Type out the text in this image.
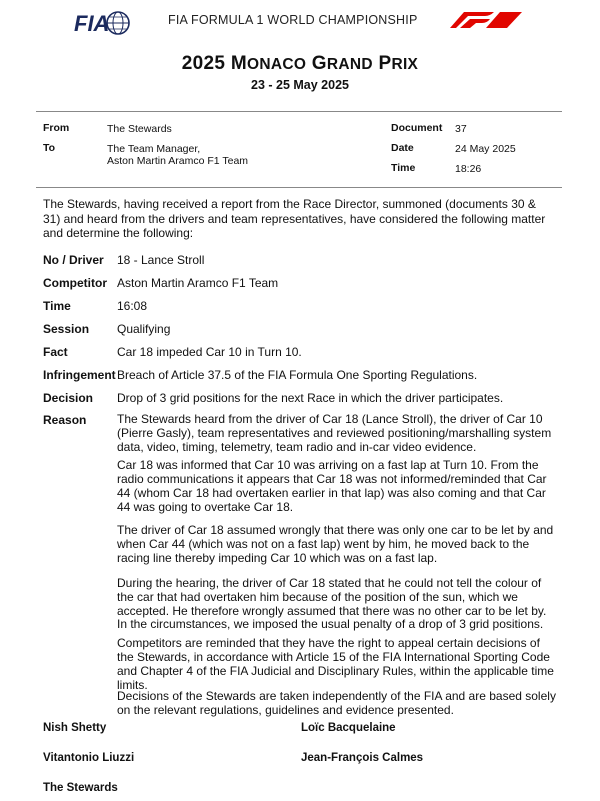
FIA	FIA FORMULA 1 WORLD CHAMPIONSHIP
2025 MONACO GRAND PRIX
23 - 25 May 2025
From	The Stewards
To	The Team Manager,
Aston Martin Aramco F1 Team
Document 37
Date	24 May 2025
Time	18:26
The Stewards, having received a report from the Race Director, summoned (documents 30 & 31) and heard from the drivers and team representatives, have considered the following matter and determine the following:
No / Driver 18 - Lance Stroll
Competitor Aston Martin Aramco F1 Team
Time	16:08
Session Qualifying
Fact	Car 18 impeded Car 10 in Turn 10.
Infringement Breach of Article 37.5 of the FIA Formula One Sporting Regulations.
Decision Drop of 3 grid positions for the next Race in which the driver participates.
Reason	The Stewards heard from the driver of Car 18 (Lance Stroll), the driver of Car 10 (Pierre Gasly), team representatives and reviewed positioning/marshalling system data, video, timing, telemetry, team radio and in-car video evidence.
Car 18 was informed that Car 10 was arriving on a fast lap at Turn 10. From the radio communications it appears that Car 18 was not informed/reminded that Car 44 (whom Car 18 had overtaken earlier in that lap) was also coming and that Car 44 was going to overtake Car 18.
The driver of Car 18 assumed wrongly that there was only one car to be let by and when Car 44 (which was not on a fast lap) went by him, he moved back to the racing line thereby impeding Car 10 which was on a fast lap.
During the hearing, the driver of Car 18 stated that he could not tell the colour of the car that had overtaken him because of the position of the sun, which we accepted. He therefore wrongly assumed that there was no other car to be let by.
In the circumstances, we imposed the usual penalty of a drop of 3 grid positions.
Competitors are reminded that they have the right to appeal certain decisions of the Stewards, in accordance with Article 15 of the FIA International Sporting Code and Chapter 4 of the FIA Judicial and Disciplinary Rules, within the applicable time limits.
Decisions of the Stewards are taken independently of the FIA and are based solely on the relevant regulations, guidelines and evidence presented.
Nish Shetty	Loïc Bacquelaine
Vitantonio Liuzzi	Jean-François Calmes
The Stewards
